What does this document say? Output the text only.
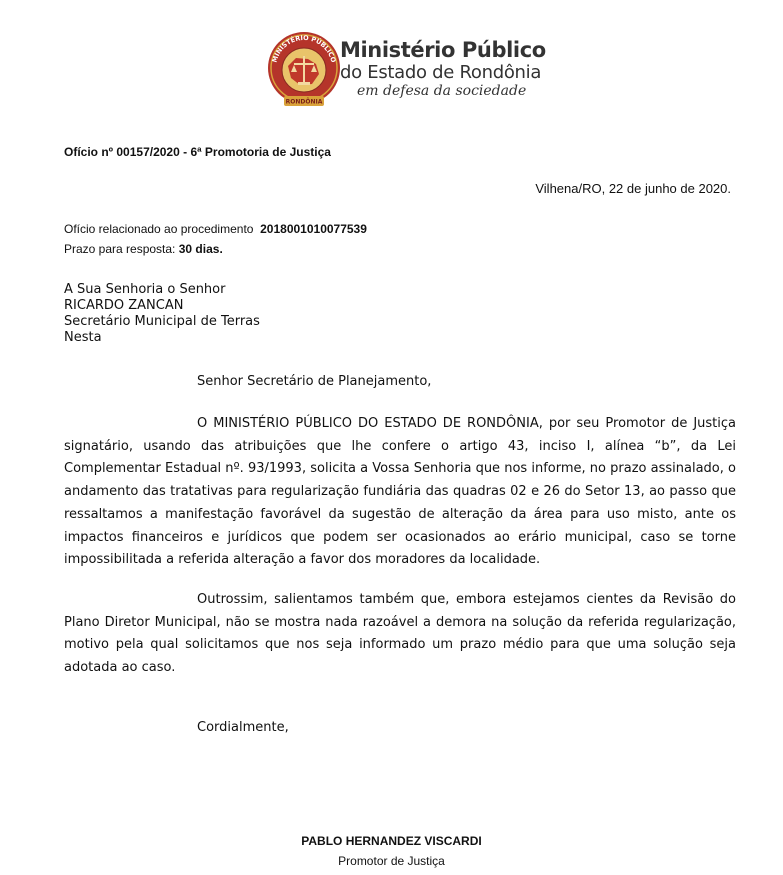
MINISTÉRIO PÚBLICO
RONDÔNIA
Ministério Público
do Estado de Rondônia
em defesa da sociedade
Ofício nº 00157/2020 - 6ª Promotoria de Justiça
Vilhena/RO, 22 de junho de 2020.
Ofício relacionado ao procedimento 2018001010077539
Prazo para resposta: 30 dias.
A Sua Senhoria o Senhor
RICARDO ZANCAN
Secretário Municipal de Terras
Nesta
Senhor Secretário de Planejamento,

O MINISTÉRIO PÚBLICO DO ESTADO DE RONDÔNIA, por seu Promotor de Justiça signatário, usando das atribuições que lhe confere o artigo 43, inciso I, alínea “b”, da Lei Complementar Estadual nº. 93/1993, solicita a Vossa Senhoria que nos informe, no prazo assinalado, o andamento das tratativas para regularização fundiária das quadras 02 e 26 do Setor 13, ao passo que ressaltamos a manifestação favorável da sugestão de alteração da área para uso misto, ante os impactos financeiros e jurídicos que podem ser ocasionados ao erário municipal, caso se torne impossibilitada a referida alteração a favor dos moradores da localidade.

Outrossim, salientamos também que, embora estejamos cientes da Revisão do Plano Diretor Municipal, não se mostra nada razoável a demora na solução da referida regularização, motivo pela qual solicitamos que nos seja informado um prazo médio para que uma solução seja adotada ao caso.

Cordialmente,
PABLO HERNANDEZ VISCARDI
Promotor de Justiça
